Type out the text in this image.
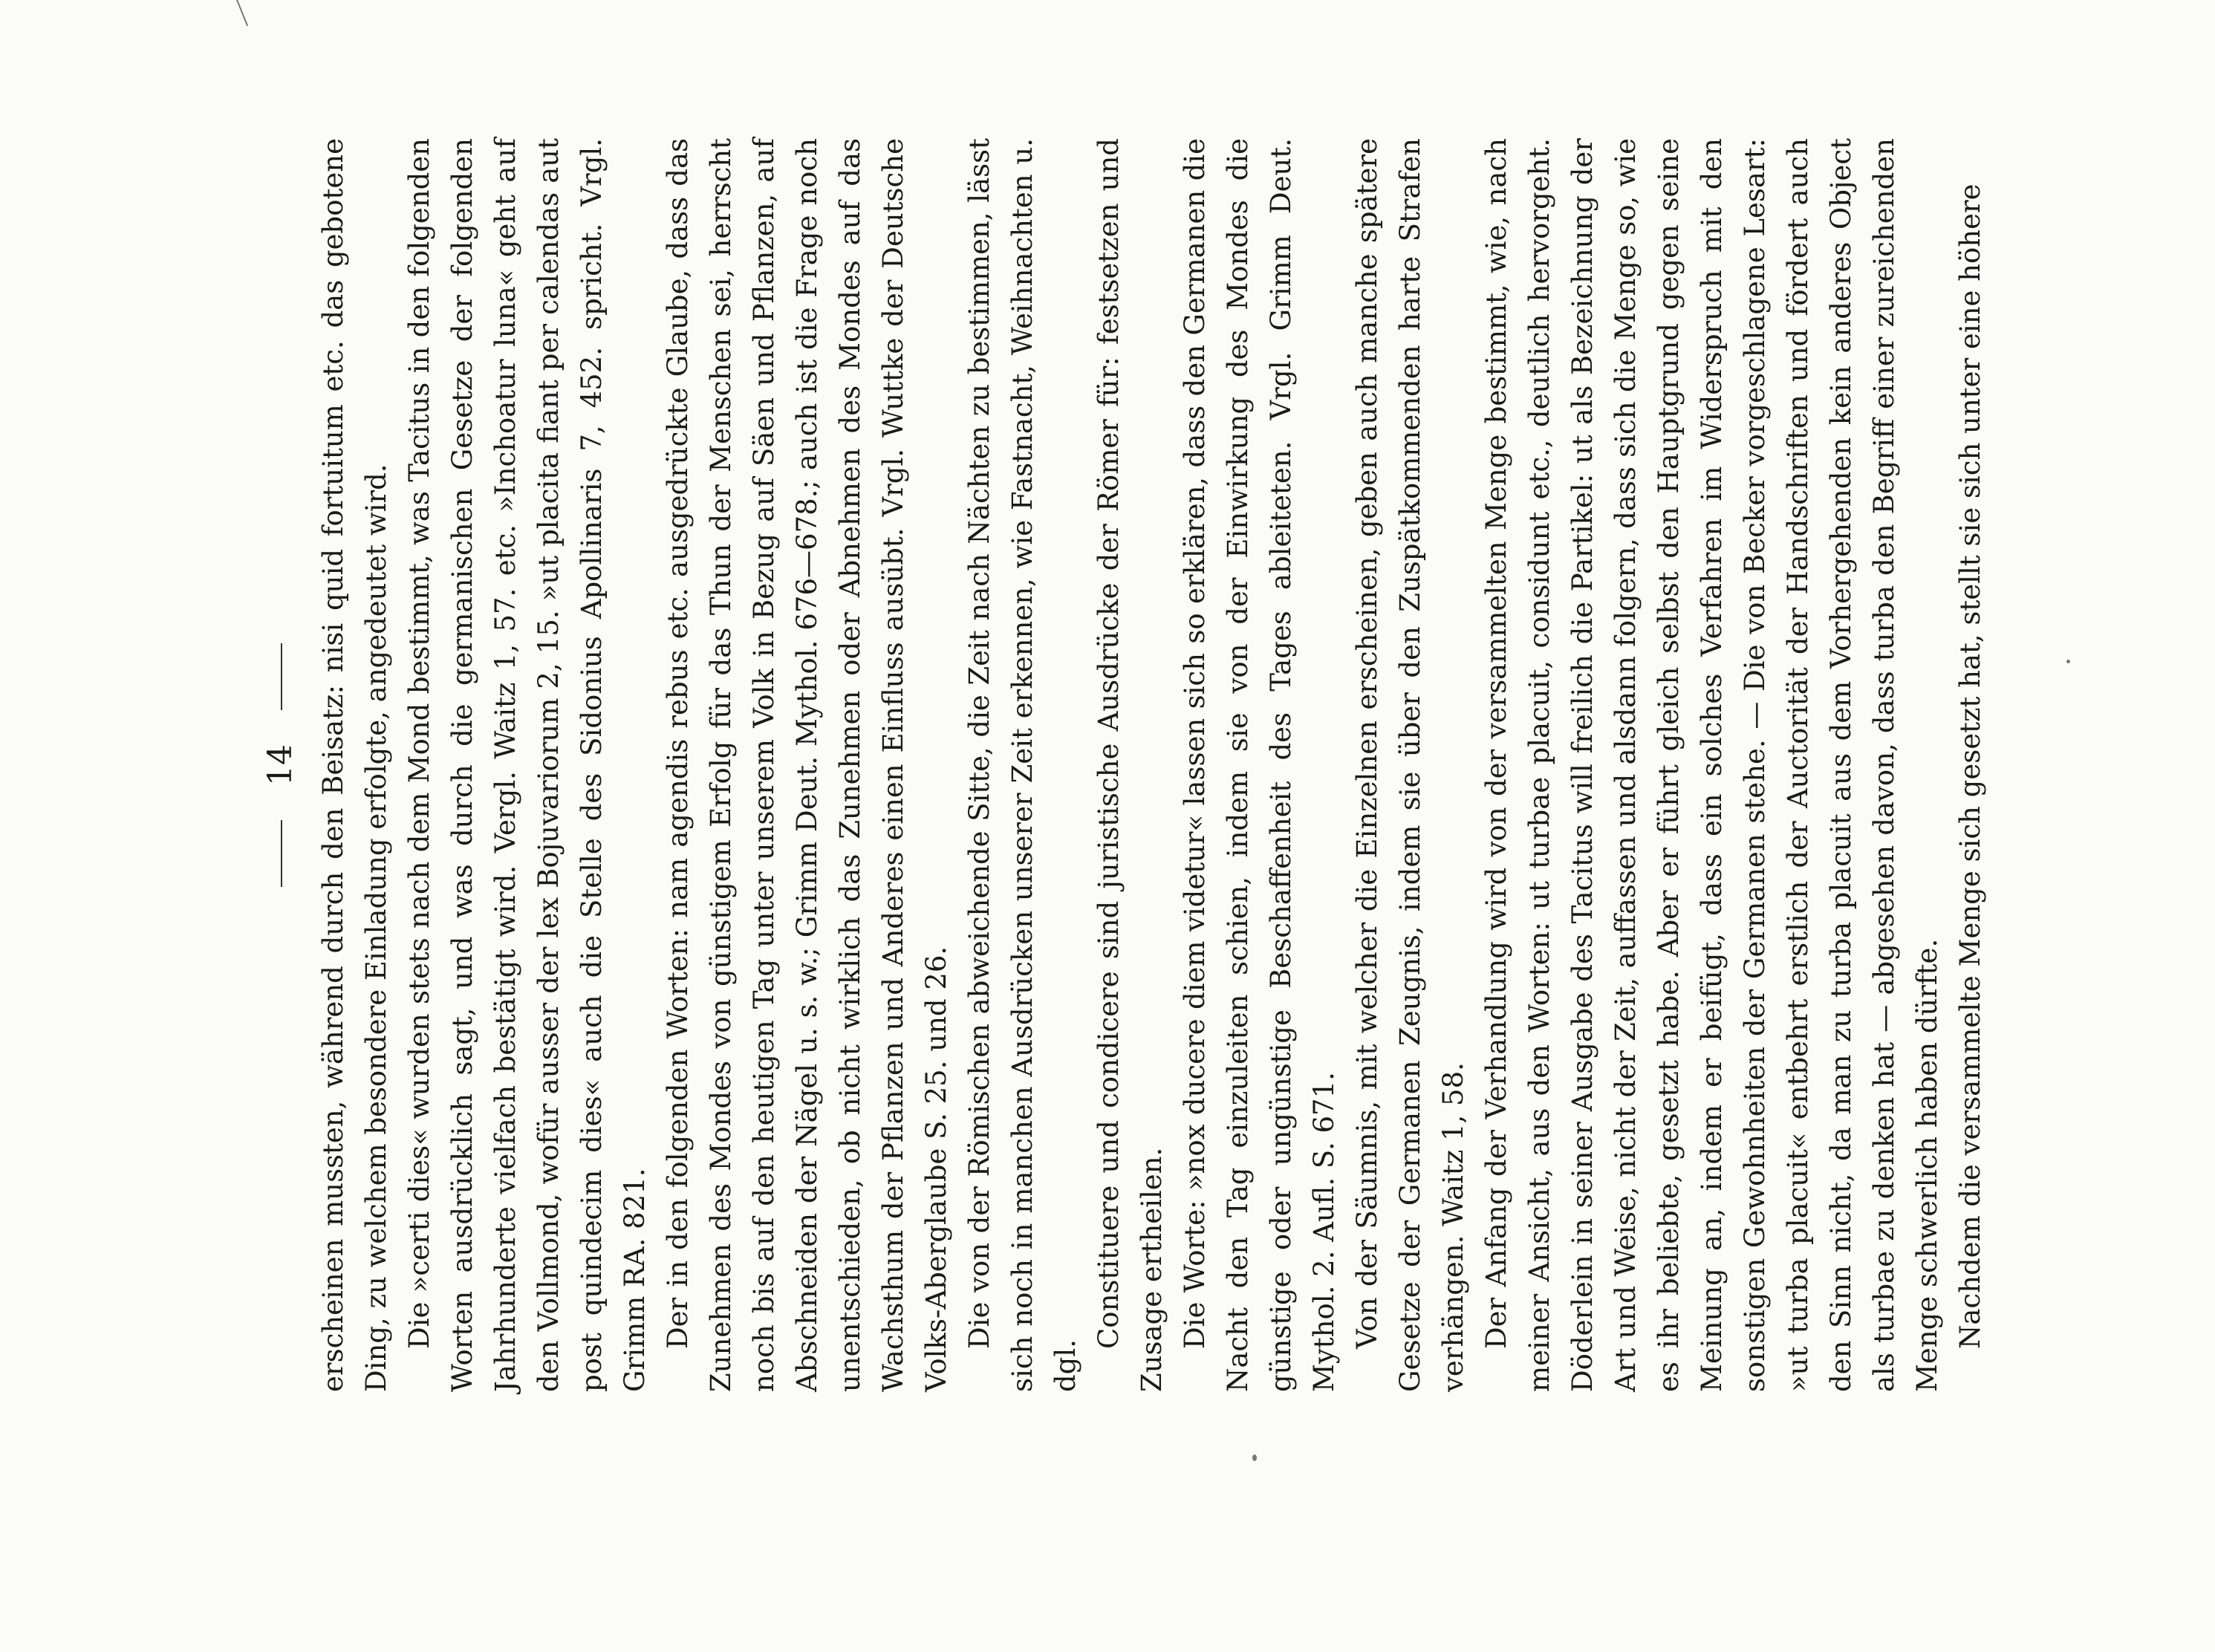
14 erscheinen mussten, während durch den Beisatz: nisi quid fortuitum etc. das gebotene Ding, zu welchem besondere Einladung erfolgte, angedeutet wird. Die »certi dies« wurden stets nach dem Mond bestimmt, was Tacitus in den folgenden Worten ausdrücklich sagt, und was durch die germanischen Gesetze der folgenden Jahrhunderte vielfach bestätigt wird. Vergl. Waitz 1, 57. etc. »Inchoatur luna« geht auf den Vollmond, wofür ausser der lex Bojuvariorum 2, 15. »ut placita fiant per calendas aut post quindecim dies« auch die Stelle des Sidonius Apollinaris 7, 452. spricht. Vrgl. Grimm RA. 821. Der in den folgenden Worten: nam agendis rebus etc. ausgedrückte Glaube, dass das Zunehmen des Mondes von günstigem Erfolg für das Thun der Menschen sei, herrscht noch bis auf den heutigen Tag unter unserem Volk in Bezug auf Säen und Pflanzen, auf Abschneiden der Nägel u. s. w.; Grimm Deut. Mythol. 676—678.; auch ist die Frage noch unentschieden, ob nicht wirklich das Zunehmen oder Abnehmen des Mondes auf das Wachsthum der Pflanzen und Anderes einen Einfluss ausübt. Vrgl. Wuttke der Deutsche Volks-Aberglaube S. 25. und 26. Die von der Römischen abweichende Sitte, die Zeit nach Nächten zu bestimmen, lässt sich noch in manchen Ausdrücken unserer Zeit erkennen, wie Fastnacht, Weihnachten u. dgl.

Constituere und condicere sind juristische Ausdrücke der Römer für: festsetzen und Zusage ertheilen. Die Worte: »nox ducere diem videtur« lassen sich so erklären, dass den Germanen die Nacht den Tag einzuleiten schien, indem sie von der Einwirkung des Mondes die günstige oder ungünstige Beschaffenheit des Tages ableiteten. Vrgl. Grimm Deut. Mythol. 2. Aufl. S. 671. Von der Säumnis, mit welcher die Einzelnen erscheinen, geben auch manche spätere Gesetze der Germanen Zeugnis, indem sie über den Zuspätkommenden harte Strafen verhängen. Waitz 1, 58. Der Anfang der Verhandlung wird von der versammelten Menge bestimmt, wie, nach meiner Ansicht, aus den Worten: ut turbae placuit, considunt etc., deutlich hervorgeht. Döderlein in seiner Ausgabe des Tacitus will freilich die Partikel: ut als Bezeichnung der Art und Weise, nicht der Zeit, auffassen und alsdann folgern, dass sich die Menge so, wie es ihr beliebte, gesetzt habe. Aber er führt gleich selbst den Hauptgrund gegen seine Meinung an, indem er beifügt, dass ein solches Verfahren im Widerspruch mit den sonstigen Gewohnheiten der Germanen stehe. — Die von Becker vorgeschlagene Lesart: »ut turba placuit« entbehrt erstlich der Auctorität der Handschriften und fördert auch den Sinn nicht, da man zu turba placuit aus dem Vorhergehenden kein anderes Object als turbae zu denken hat — abgesehen davon, dass turba den Begriff einer zureichenden Menge schwerlich haben dürfte. Nachdem die versammelte Menge sich gesetzt hat, stellt sie sich unter eine höhere
